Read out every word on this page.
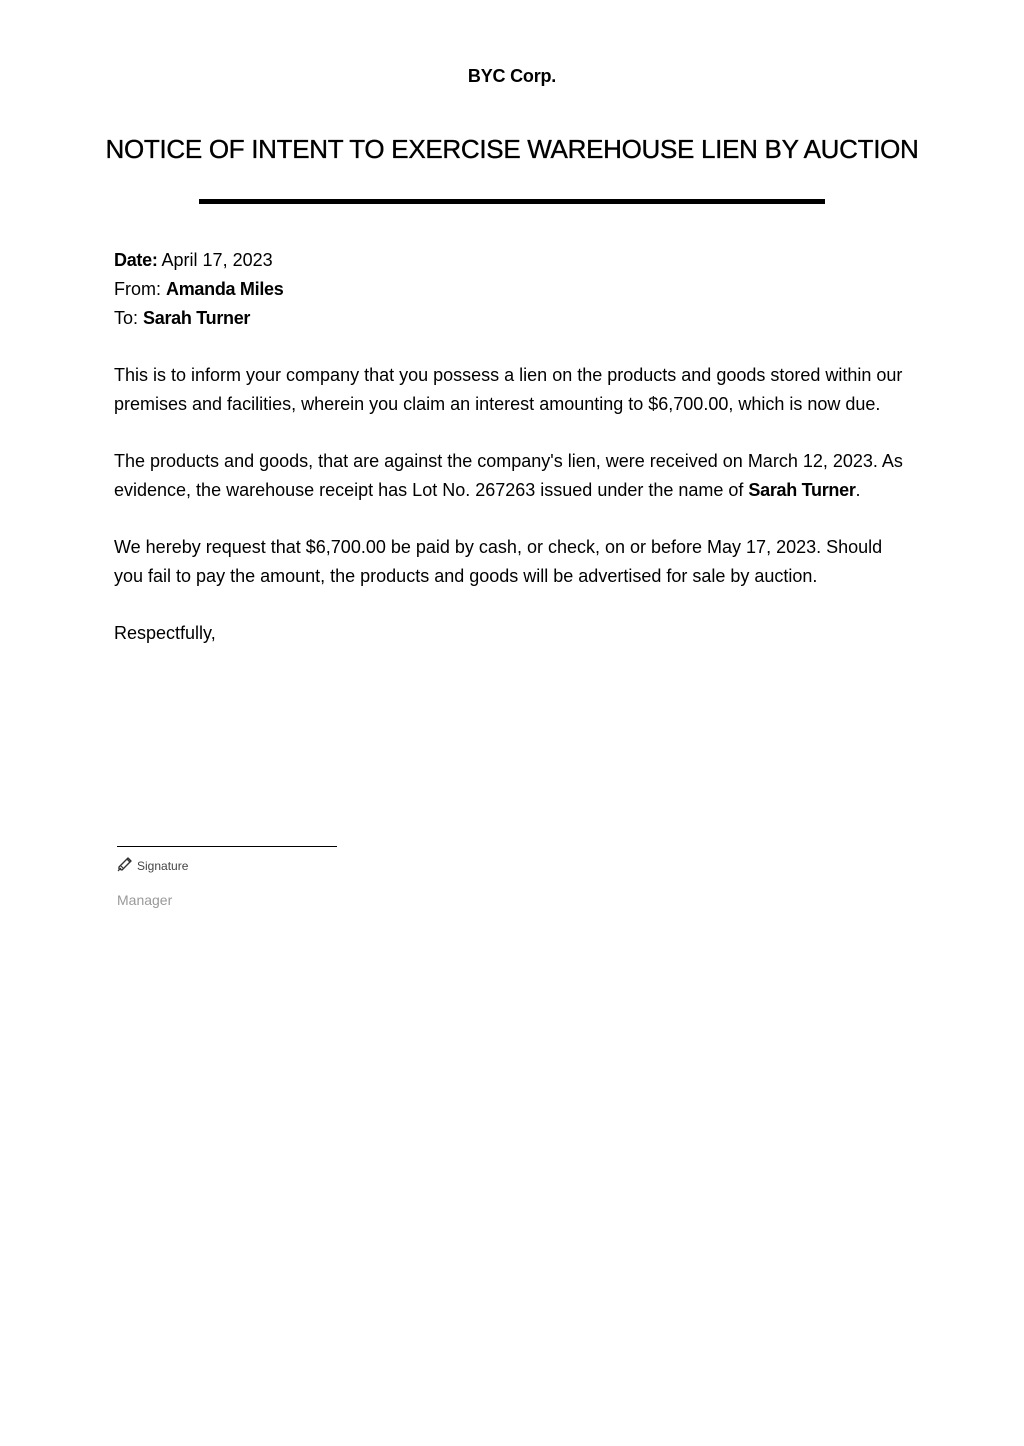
BYC Corp.
NOTICE OF INTENT TO EXERCISE WAREHOUSE LIEN BY AUCTION

Date: April 17, 2023

From: Amanda Miles

To: Sarah Turner

This is to inform your company that you possess a lien on the products and goods stored within our premises and facilities, wherein you claim an interest amounting to $6,700.00, which is now due.

The products and goods, that are against the company's lien, were received on March 12, 2023. As evidence, the warehouse receipt has Lot No. 267263 issued under the name of Sarah Turner.

We hereby request that $6,700.00 be paid by cash, or check, on or before May 17, 2023. Should you fail to pay the amount, the products and goods will be advertised for sale by auction.

Respectfully,

Signature
Manager
